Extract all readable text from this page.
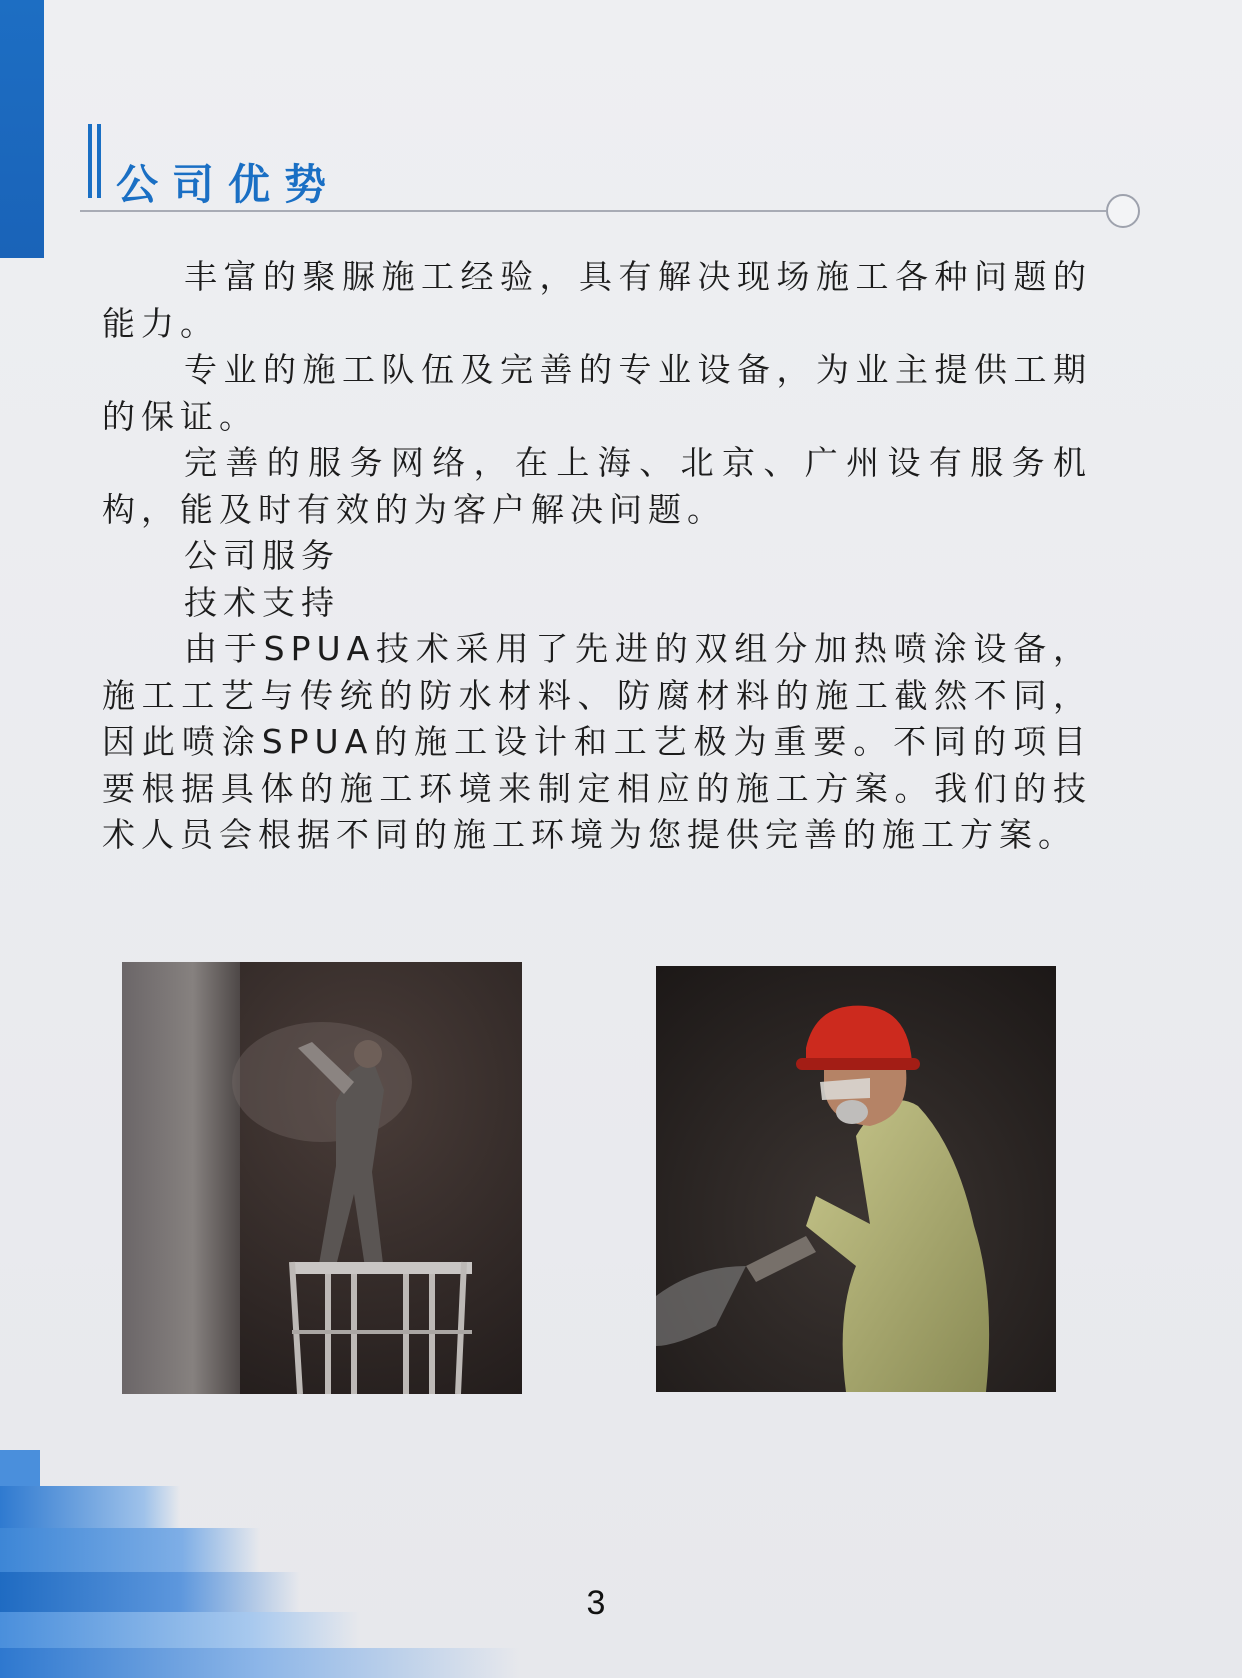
公司优势

丰富的聚脲施工经验，具有解决现场施工各种问题的能力。

专业的施工队伍及完善的专业设备，为业主提供工期的保证。

完善的服务网络，在上海、北京、广州设有服务机构，能及时有效的为客户解决问题。

公司服务

技术支持

由于SPUA技术采用了先进的双组分加热喷涂设备，施工工艺与传统的防水材料、防腐材料的施工截然不同，因此喷涂SPUA的施工设计和工艺极为重要。不同的项目要根据具体的施工环境来制定相应的施工方案。我们的技术人员会根据不同的施工环境为您提供完善的施工方案。

3
